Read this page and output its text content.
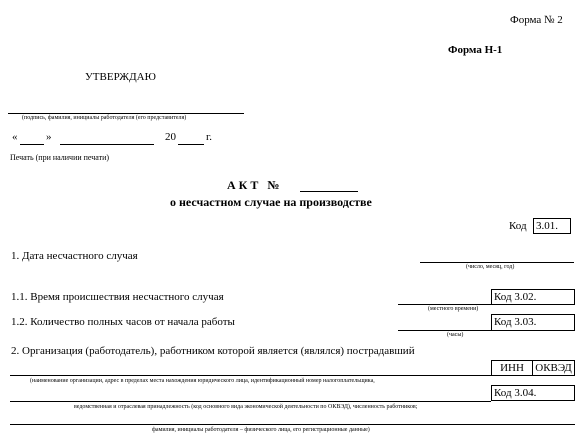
Форма № 2
Форма Н-1
УТВЕРЖДАЮ
(подпись, фамилия, инициалы работодателя (его представителя)
«	»	20	г.
Печать (при наличии печати)
А К Т   №
о несчастном случае на производстве
Код 3.01.
1. Дата несчастного случая
(число, месяц, год)
1.1. Время происшествия несчастного случая
(местного времени)
Код 3.02.
1.2. Количество полных часов от начала работы
(часы)
Код 3.03.
2. Организация (работодатель), работником которой является (являлся) пострадавший
ИНН	ОКВЭД
(наименование организации, адрес в пределах места нахождения юридического лица, идентификационный номер налогоплательщика,
Код 3.04.
ведомственная и отраслевая принадлежность (код основного вида экономической деятельности по ОКВЭД), численность работников;
фамилия, инициалы работодателя – физического лица, его регистрационные данные)
